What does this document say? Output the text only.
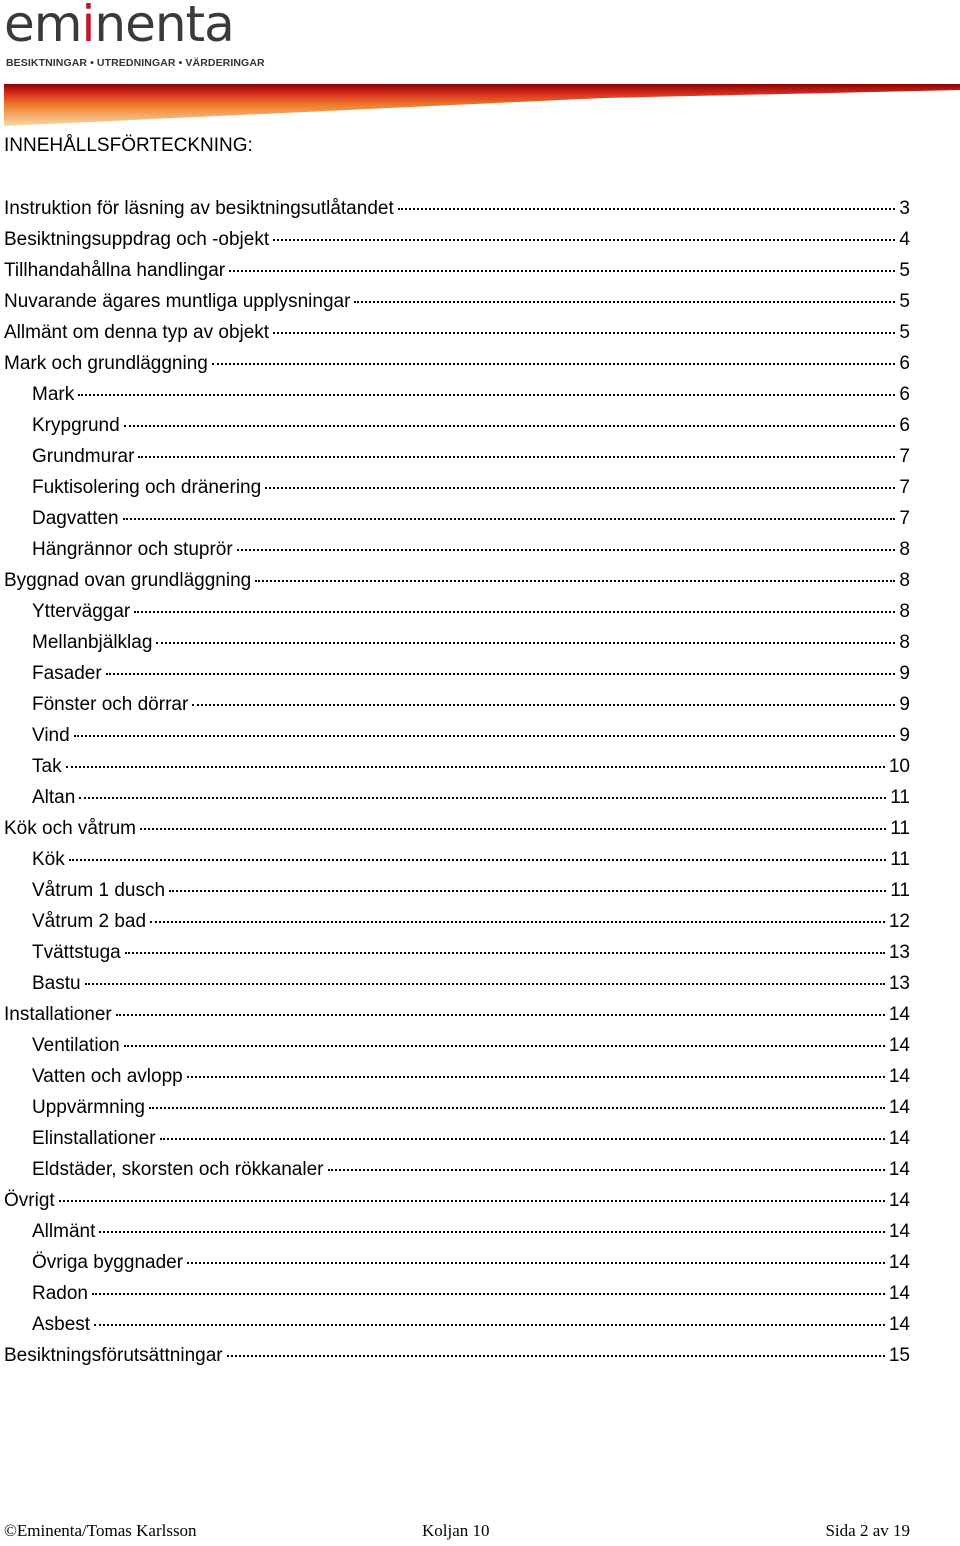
eminenta
BESIKTNINGAR • UTREDNINGAR • VÄRDERINGAR
INNEHÅLLSFÖRTECKNING:
Instruktion för läsning av besiktningsutlåtandet	3
Besiktningsuppdrag och -objekt	4
Tillhandahållna handlingar	5
Nuvarande ägares muntliga upplysningar	5
Allmänt om denna typ av objekt	5
Mark och grundläggning	6
Mark	6
Krypgrund	6
Grundmurar	7
Fuktisolering och dränering	7
Dagvatten	7
Hängrännor och stuprör	8
Byggnad ovan grundläggning	8
Ytterväggar	8
Mellanbjälklag	8
Fasader	9
Fönster och dörrar	9
Vind	9
Tak	10
Altan	11
Kök och våtrum	11
Kök	11
Våtrum 1 dusch	11
Våtrum 2 bad	12
Tvättstuga	13
Bastu	13
Installationer	14
Ventilation	14
Vatten och avlopp	14
Uppvärmning	14
Elinstallationer	14
Eldstäder, skorsten och rökkanaler	14
Övrigt	14
Allmänt	14
Övriga byggnader	14
Radon	14
Asbest	14
Besiktningsförutsättningar	15
©Eminenta/Tomas Karlsson	Koljan 10	Sida 2 av 19
